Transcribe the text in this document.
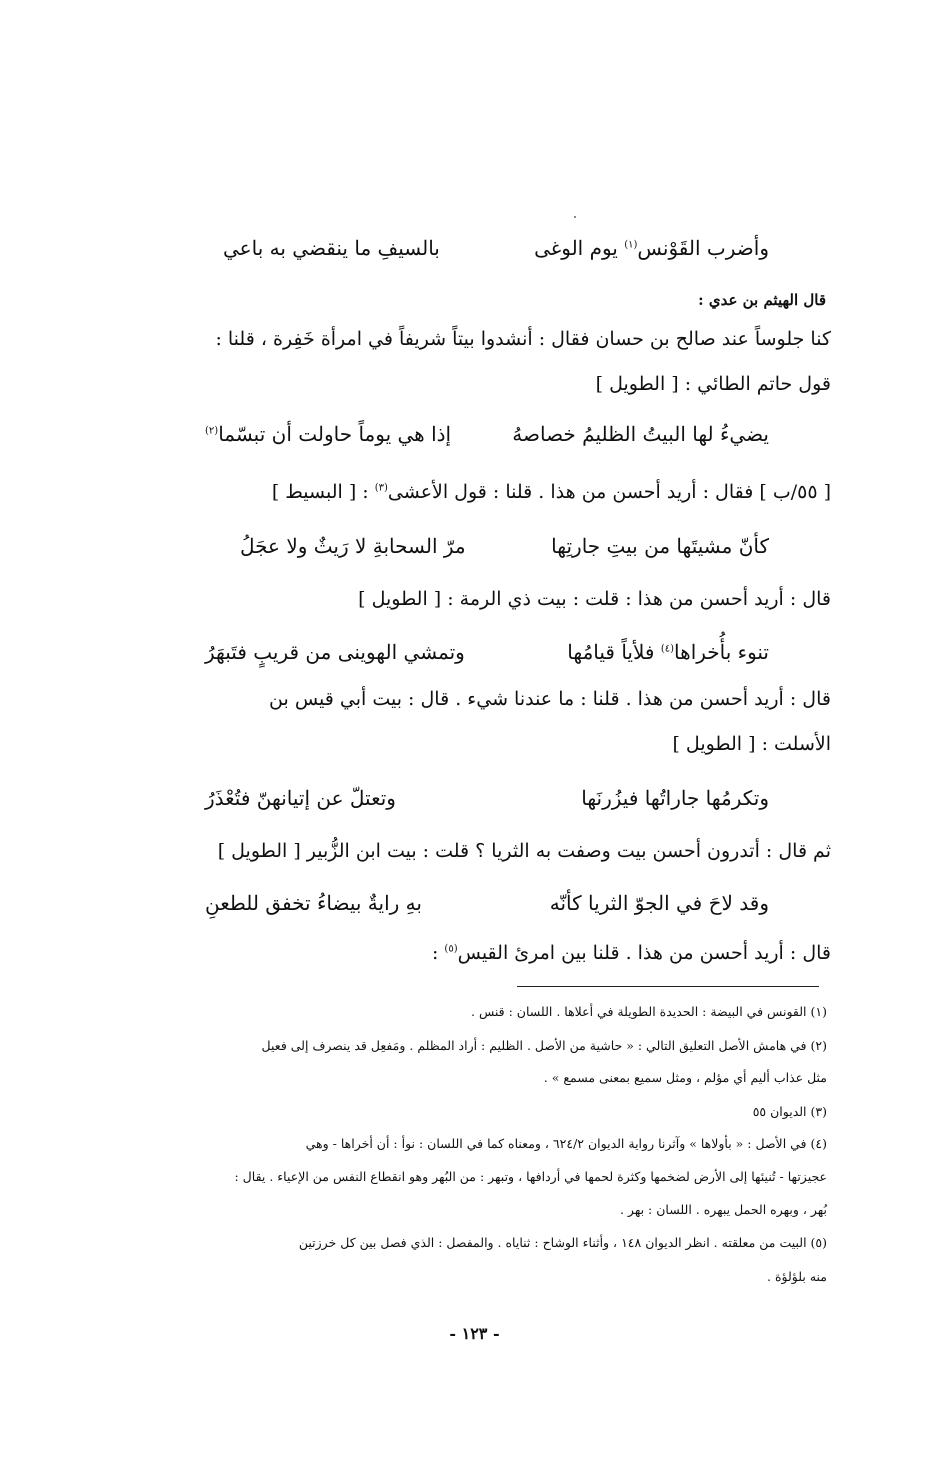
وأضرب القَوْنس$^{(١)}$ يوم الوغى
بالسيفِ ما ينقضي به باعي
قال الهيثم بن عدي :
كنا جلوساً عند صالح بن حسان فقال : أنشدوا بيتاً شريفاً في امرأة خَفِرة ، قلنا :
قول حاتم الطائي : [ الطويل ]
يضيءُ لها البيتُ الظليمُ خصاصهُ
إذا هي يوماً حاولت أن تبسّما$^{(٢)}$
[ ٥٥/ب ] فقال : أريد أحسن من هذا . قلنا : قول الأعشى$^{(٣)}$ : [ البسيط ]
كأنّ مشيتَها من بيتِ جارتِها
مرّ السحابةِ لا رَيثٌ ولا عجَلُ
قال : أريد أحسن من هذا : قلت : بيت ذي الرمة : [ الطويل ]
تنوء بأُخراها$^{(٤)}$ فلأياً قيامُها
وتمشي الهوينى من قريبٍ فتَبهَرُ
قال : أريد أحسن من هذا . قلنا : ما عندنا شيء . قال : بيت أبي قيس بن
الأسلت : [ الطويل ]
وتكرمُها جاراتُها فيزُرنَها
وتعتلّ عن إتيانهنّ فتُعْذَرُ
ثم قال : أتدرون أحسن بيت وصفت به الثريا ؟ قلت : بيت ابن الزُّبير [ الطويل ]
وقد لاحَ في الجوّ الثريا كأنّه
بهِ رايةٌ بيضاءُ تخفق للطعنِ
قال : أريد أحسن من هذا . قلنا بين امرئ القيس$^{(٥)}$ :
(١) القونس في البيضة : الحديدة الطويلة في أعلاها . اللسان : قنس .
(٢) في هامش الأصل التعليق التالي : « حاشية من الأصل . الظليم : أراد المظلم . ومَفعِل قد ينصرف إلى فعيل
مثل عذاب أليم أي مؤلم ، ومثل سميع بمعنى مسمع » .
(٣) الديوان ٥٥
(٤) في الأصل : « بأولاها » وآثرنا رواية الديوان ٦٢٤/٢ ، ومعناه كما في اللسان : نوأ : أن أخراها - وهي
عجيزتها - تُنيئها إلى الأرض لضخمها وكثرة لحمها في أردافها ، وتبهر : من البُهر وهو انقطاع النفس من الإعياء . يقال :
بُهر ، وبهره الحمل يبهره . اللسان : بهر .
(٥) البيت من معلقته . انظر الديوان ١٤٨ ، وأثناء الوشاح : ثناياه . والمفصل : الذي فصل بين كل خرزتين
منه بلؤلؤة .
- ١٢٣ -
